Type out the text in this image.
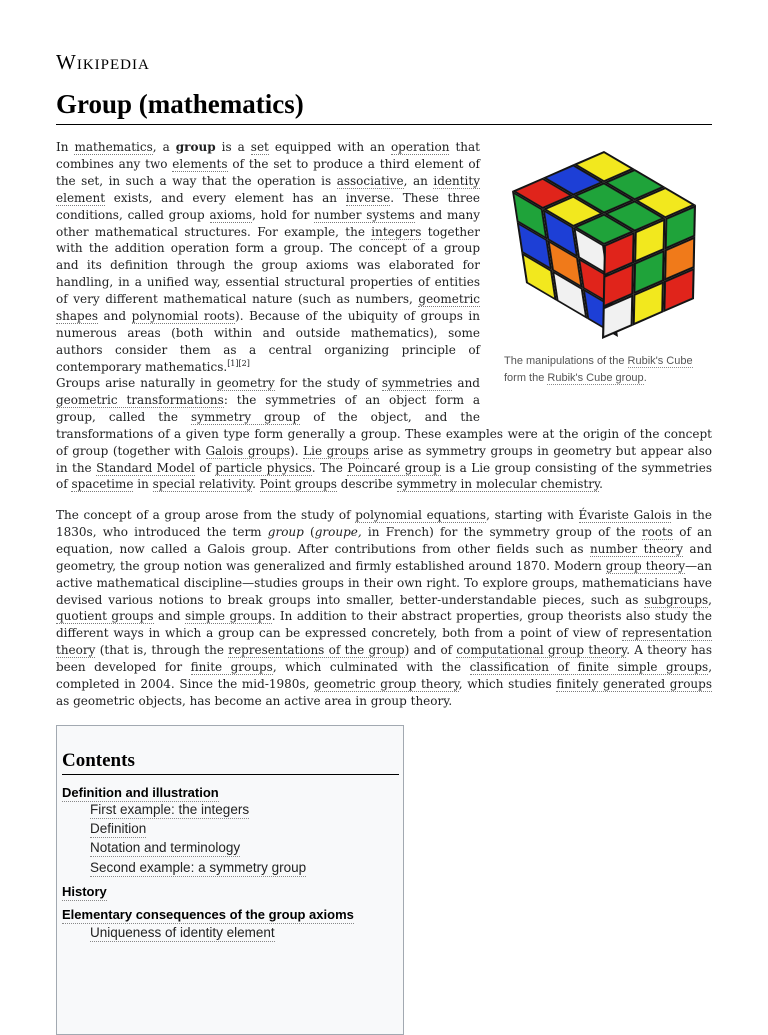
Wikipedia
Group (mathematics)

The manipulations of the Rubik's Cube form the Rubik's Cube group.
In mathematics, a group is a set equipped with an operation that combines any two elements of the set to produce a third element of the set, in such a way that the operation is associative, an identity element exists, and every element has an inverse. These three conditions, called group axioms, hold for number systems and many other mathematical structures. For example, the integers together with the addition operation form a group. The concept of a group and its definition through the group axioms was elaborated for handling, in a unified way, essential structural properties of entities of very different mathematical nature (such as numbers, geometric shapes and polynomial roots). Because of the ubiquity of groups in numerous areas (both within and outside mathematics), some authors consider them as a central organizing principle of contemporary mathematics.[1][2]

Groups arise naturally in geometry for the study of symmetries and geometric transformations: the symmetries of an object form a group, called the symmetry group of the object, and the transformations of a given type form generally a group. These examples were at the origin of the concept of group (together with Galois groups). Lie groups arise as symmetry groups in geometry but appear also in the Standard Model of particle physics. The Poincaré group is a Lie group consisting of the symmetries of spacetime in special relativity. Point groups describe symmetry in molecular chemistry.

The concept of a group arose from the study of polynomial equations, starting with Évariste Galois in the 1830s, who introduced the term group (groupe, in French) for the symmetry group of the roots of an equation, now called a Galois group. After contributions from other fields such as number theory and geometry, the group notion was generalized and firmly established around 1870. Modern group theory—an active mathematical discipline—studies groups in their own right. To explore groups, mathematicians have devised various notions to break groups into smaller, better-understandable pieces, such as subgroups, quotient groups and simple groups. In addition to their abstract properties, group theorists also study the different ways in which a group can be expressed concretely, both from a point of view of representation theory (that is, through the representations of the group) and of computational group theory. A theory has been developed for finite groups, which culminated with the classification of finite simple groups, completed in 2004. Since the mid-1980s, geometric group theory, which studies finitely generated groups as geometric objects, has become an active area in group theory.

Contents
Definition and illustration
First example: the integers
Definition
Notation and terminology
Second example: a symmetry group
History
Elementary consequences of the group axioms
Uniqueness of identity element
